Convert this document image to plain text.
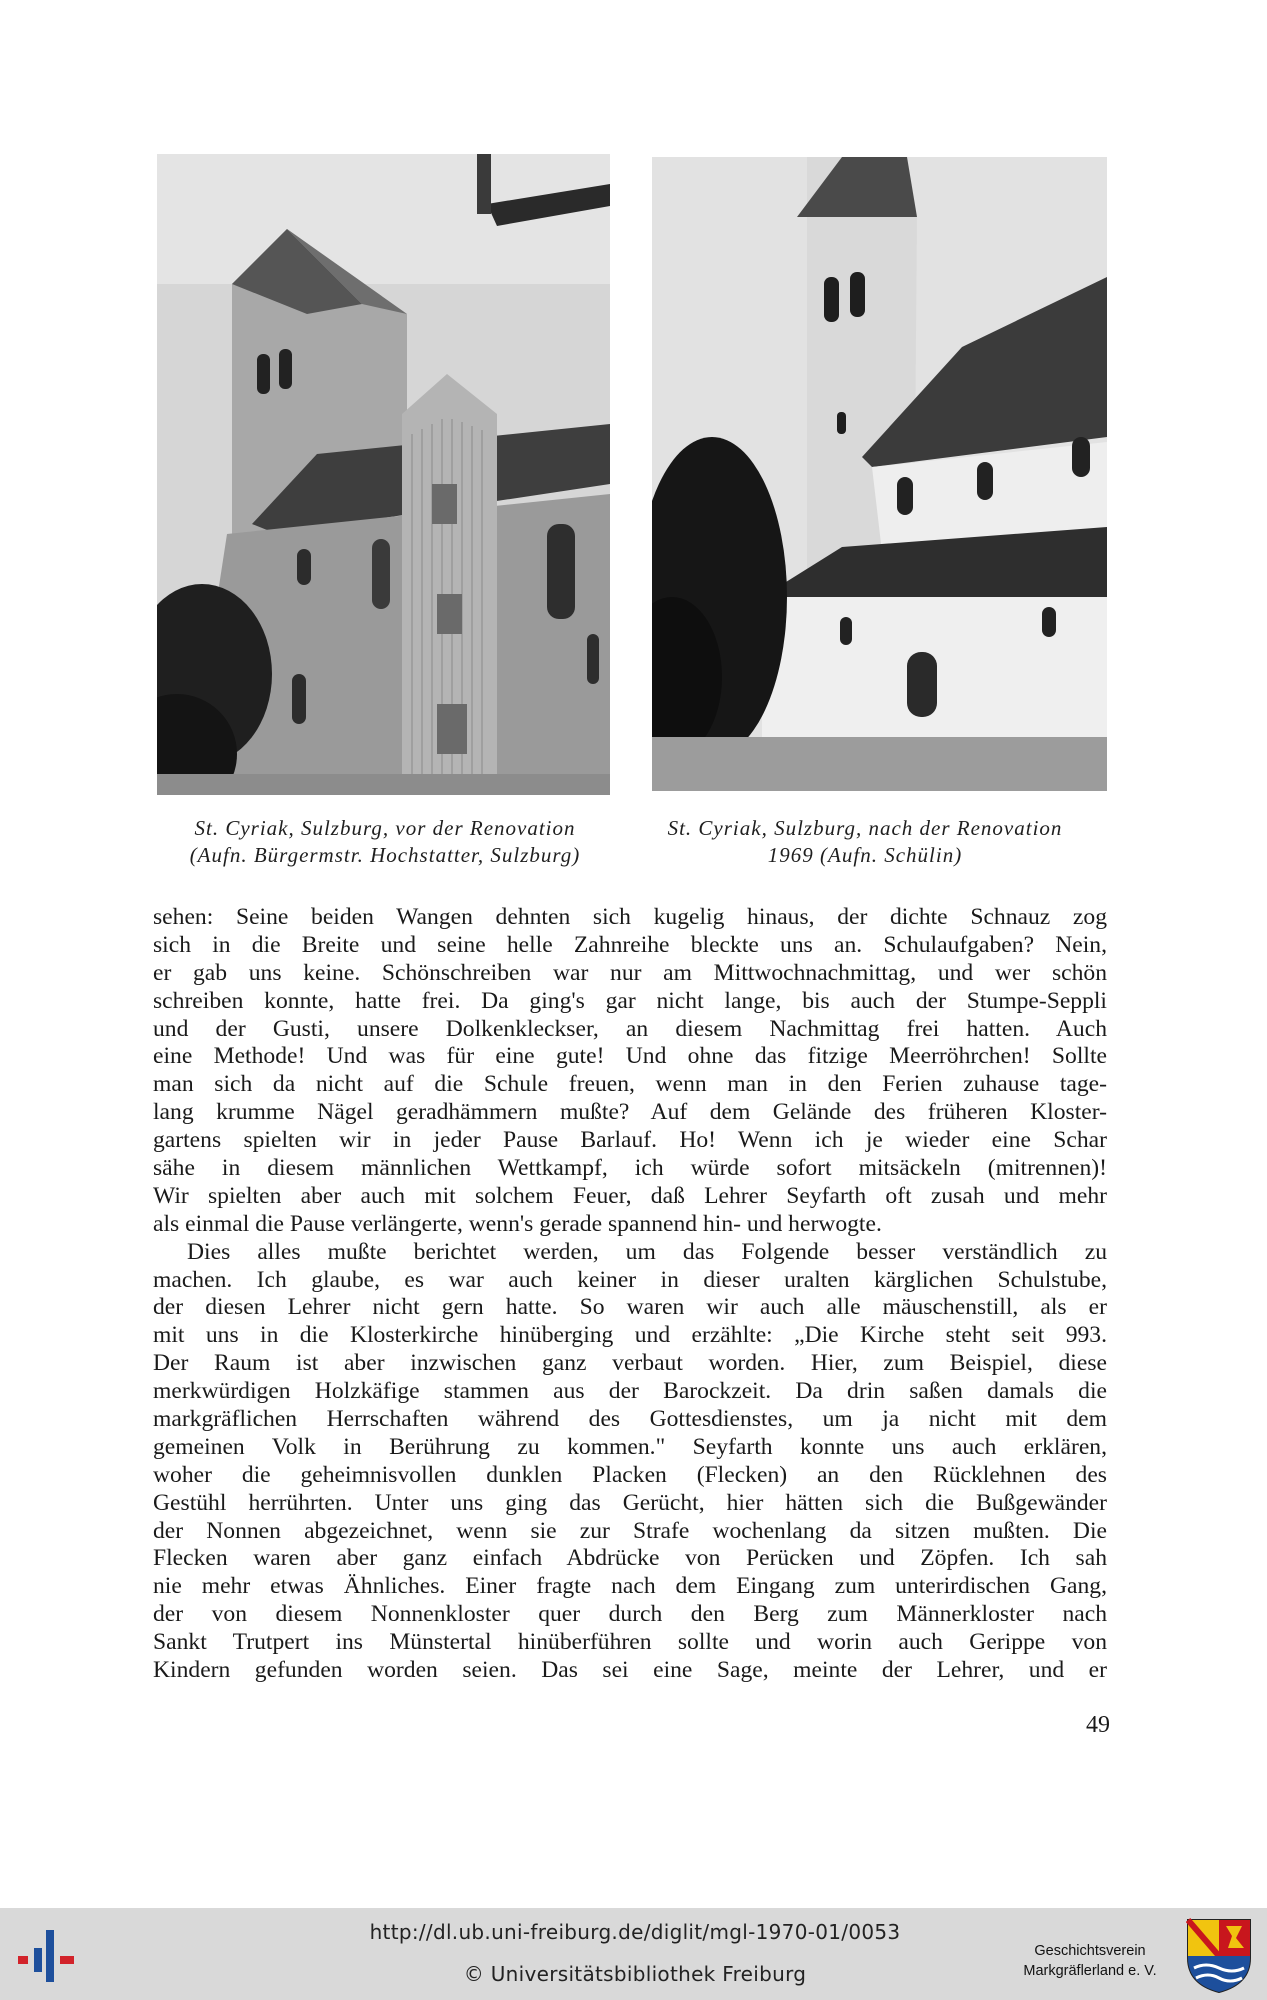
St. Cyriak, Sulzburg, vor der Renovation
(Aufn. Bürgermstr. Hochstatter, Sulzburg)
St. Cyriak, Sulzburg, nach der Renovation
1969 (Aufn. Schülin)
sehen: Seine beiden Wangen dehnten sich kugelig hinaus, der dichte Schnauz zog
sich in die Breite und seine helle Zahnreihe bleckte uns an. Schulaufgaben? Nein,
er gab uns keine. Schönschreiben war nur am Mittwochnachmittag, und wer schön
schreiben konnte, hatte frei. Da ging's gar nicht lange, bis auch der Stumpe-Seppli
und der Gusti, unsere Dolkenkleckser, an diesem Nachmittag frei hatten. Auch
eine Methode! Und was für eine gute! Und ohne das fitzige Meerröhrchen! Sollte
man sich da nicht auf die Schule freuen, wenn man in den Ferien zuhause tage-
lang krumme Nägel geradhämmern mußte? Auf dem Gelände des früheren Kloster-
gartens spielten wir in jeder Pause Barlauf. Ho! Wenn ich je wieder eine Schar
sähe in diesem männlichen Wettkampf, ich würde sofort mitsäckeln (mitrennen)!
Wir spielten aber auch mit solchem Feuer, daß Lehrer Seyfarth oft zusah und mehr
als einmal die Pause verlängerte, wenn's gerade spannend hin- und herwogte.
Dies alles mußte berichtet werden, um das Folgende besser verständlich zu
machen. Ich glaube, es war auch keiner in dieser uralten kärglichen Schulstube,
der diesen Lehrer nicht gern hatte. So waren wir auch alle mäuschenstill, als er
mit uns in die Klosterkirche hinüberging und erzählte: „Die Kirche steht seit 993.
Der Raum ist aber inzwischen ganz verbaut worden. Hier, zum Beispiel, diese
merkwürdigen Holzkäfige stammen aus der Barockzeit. Da drin saßen damals die
markgräflichen Herrschaften während des Gottesdienstes, um ja nicht mit dem
gemeinen Volk in Berührung zu kommen." Seyfarth konnte uns auch erklären,
woher die geheimnisvollen dunklen Placken (Flecken) an den Rücklehnen des
Gestühl herrührten. Unter uns ging das Gerücht, hier hätten sich die Bußgewänder
der Nonnen abgezeichnet, wenn sie zur Strafe wochenlang da sitzen mußten. Die
Flecken waren aber ganz einfach Abdrücke von Perücken und Zöpfen. Ich sah
nie mehr etwas Ähnliches. Einer fragte nach dem Eingang zum unterirdischen Gang,
der von diesem Nonnenkloster quer durch den Berg zum Männerkloster nach
Sankt Trutpert ins Münstertal hinüberführen sollte und worin auch Gerippe von
Kindern gefunden worden seien. Das sei eine Sage, meinte der Lehrer, und er
49
http://dl.ub.uni-freiburg.de/diglit/mgl-1970-01/0053
© Universitätsbibliothek Freiburg
Geschichtsverein
Markgräflerland e. V.
